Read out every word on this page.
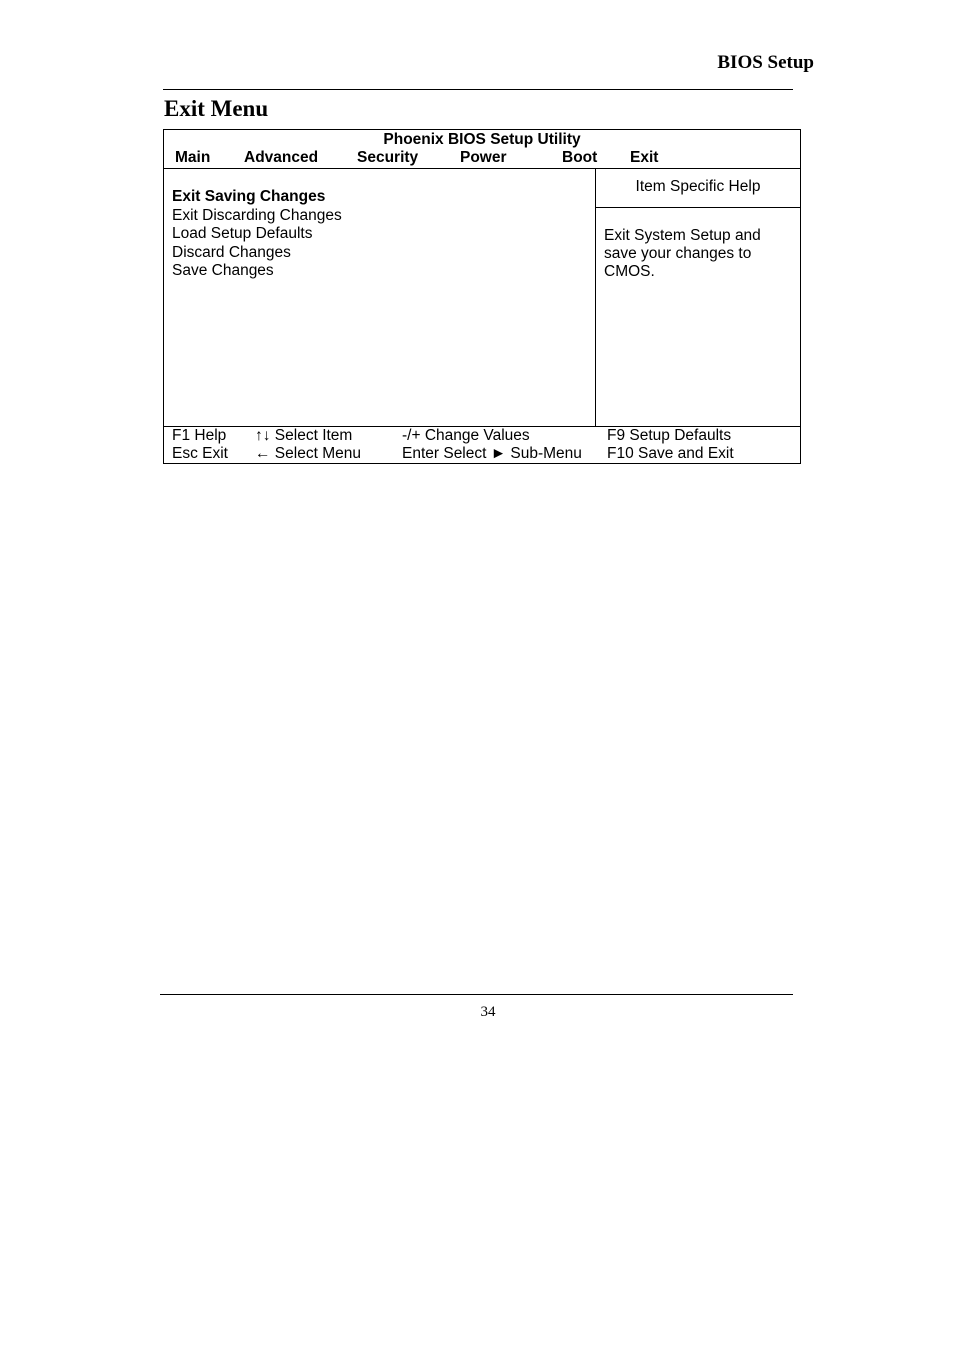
BIOS Setup
Exit Menu
Phoenix BIOS Setup Utility
Main Advanced	Security	Power	Boot Exit
Exit Saving Changes
Exit Discarding Changes
Load Setup Defaults
Discard Changes
Save Changes
Item Specific Help
Exit System Setup and save your changes to CMOS.
F1 Help ↑↓ Select Item	-/+ Change Values	F9 Setup Defaults
Esc Exit ← Select Menu	Enter Select ► Sub-Menu F10 Save and Exit
34
